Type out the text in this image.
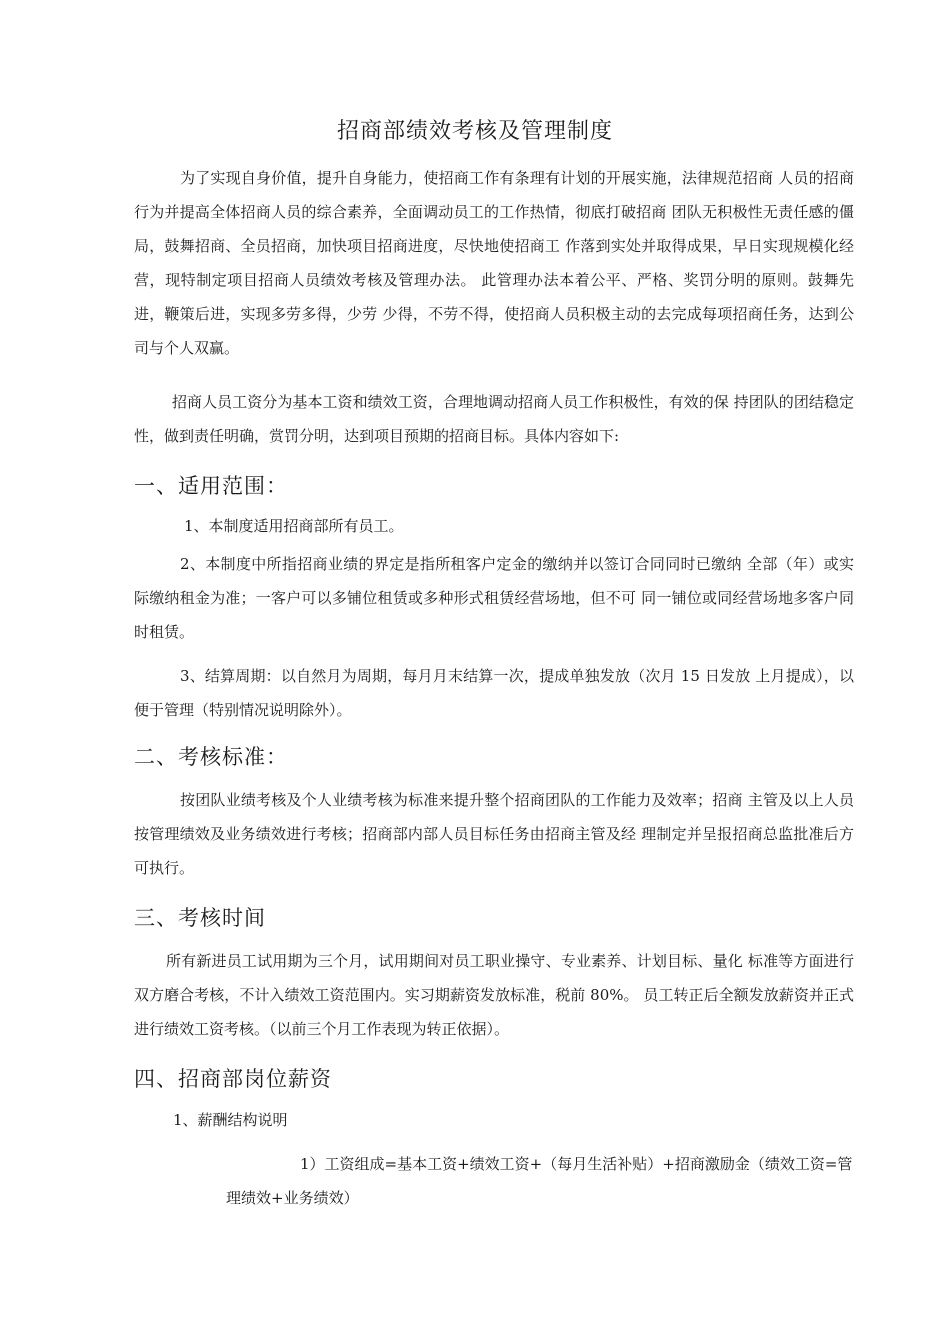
招商部绩效考核及管理制度

为了实现自身价值，提升自身能力，使招商工作有条理有计划的开展实施，法律规范招商 人员的招商行为并提高全体招商人员的综合素养，全面调动员工的工作热情，彻底打破招商 团队无积极性无责任感的僵局，鼓舞招商、全员招商，加快项目招商进度，尽快地使招商工 作落到实处并取得成果，早日实现规模化经营，现特制定项目招商人员绩效考核及管理办法。 此管理办法本着公平、严格、奖罚分明的原则。鼓舞先进，鞭策后进，实现多劳多得，少劳 少得，不劳不得，使招商人员积极主动的去完成每项招商任务，达到公司与个人双赢。

招商人员工资分为基本工资和绩效工资，合理地调动招商人员工作积极性，有效的保 持团队的团结稳定性，做到责任明确，赏罚分明，达到项目预期的招商目标。具体内容如下:

一、适用范围：
1、本制度适用招商部所有员工。

2、本制度中所指招商业绩的界定是指所租客户定金的缴纳并以签订合同同时已缴纳 全部（年）或实际缴纳租金为准；一客户可以多铺位租赁或多种形式租赁经营场地，但不可 同一铺位或同经营场地多客户同时租赁。

3、结算周期：以自然月为周期，每月月末结算一次，提成单独发放（次月 15 日发放 上月提成），以便于管理（特别情况说明除外）。

二、考核标准：

按团队业绩考核及个人业绩考核为标准来提升整个招商团队的工作能力及效率；招商 主管及以上人员按管理绩效及业务绩效进行考核；招商部内部人员目标任务由招商主管及经 理制定并呈报招商总监批准后方可执行。

三、考核时间

所有新进员工试用期为三个月，试用期间对员工职业操守、专业素养、计划目标、量化 标准等方面进行双方磨合考核，不计入绩效工资范围内。实习期薪资发放标准，税前 80%。 员工转正后全额发放薪资并正式进行绩效工资考核。（以前三个月工作表现为转正依据）。

四、招商部岗位薪资
1、薪酬结构说明
1）工资组成=基本工资+绩效工资+（每月生活补贴）+招商激励金（绩效工资=管
理绩效+业务绩效）
